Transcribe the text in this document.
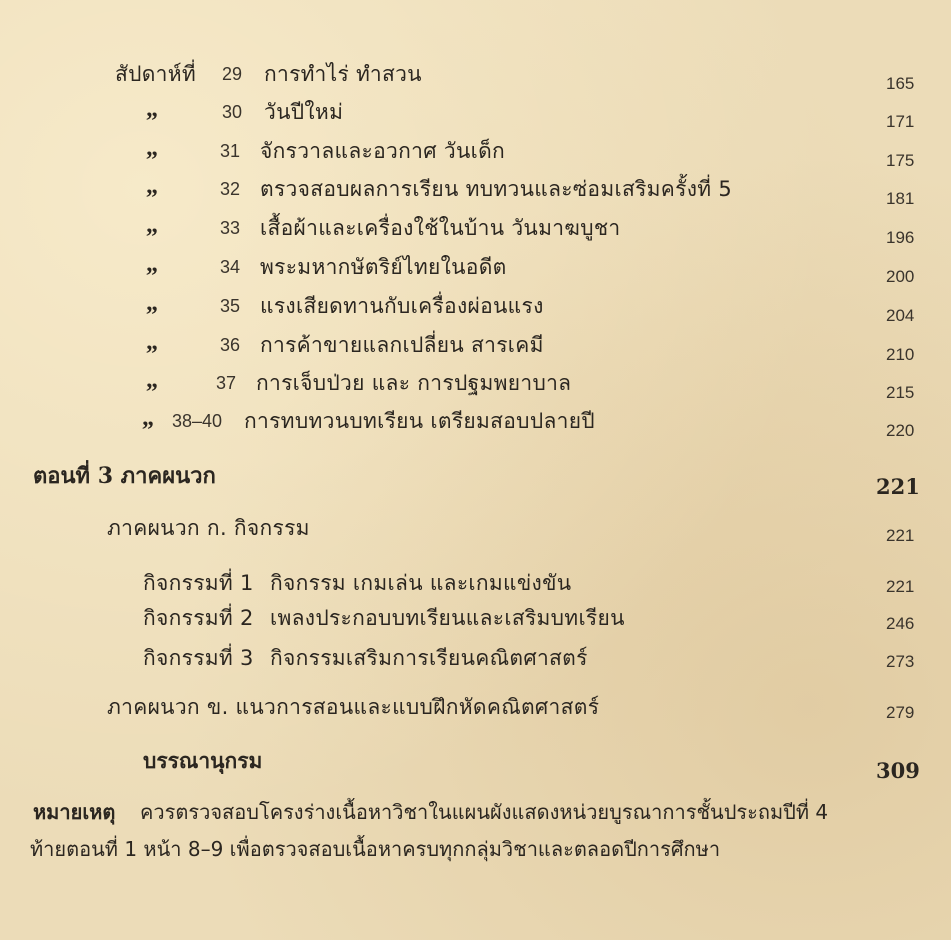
สัปดาห์ที่ 29 การทำไร่ ทำสวน	165
„	30 วันปีใหม่	171
„	31 จักรวาลและอวกาศ วันเด็ก	175
„	32 ตรวจสอบผลการเรียน ทบทวนและซ่อมเสริมครั้งที่ 5	181
„	33 เสื้อผ้าและเครื่องใช้ในบ้าน วันมาฆบูชา	196
„	34 พระมหากษัตริย์ไทยในอดีต	200
„	35 แรงเสียดทานกับเครื่องผ่อนแรง	204
„	36 การค้าขายแลกเปลี่ยน สารเคมี	210
„	37 การเจ็บป่วย และ การปฐมพยาบาล	215
„ 38–40 การทบทวนบทเรียน เตรียมสอบปลายปี	220
ตอนที่ 3 ภาคผนวก	221
ภาคผนวก ก. กิจกรรม	221
กิจกรรมที่ 1 กิจกรรม เกมเล่น และเกมแข่งขัน	221
กิจกรรมที่ 2 เพลงประกอบบทเรียนและเสริมบทเรียน	246
กิจกรรมที่ 3 กิจกรรมเสริมการเรียนคณิตศาสตร์	273
ภาคผนวก ข. แนวการสอนและแบบฝึกหัดคณิตศาสตร์	279
บรรณานุกรม	309
หมายเหตุ ควรตรวจสอบโครงร่างเนื้อหาวิชาในแผนผังแสดงหน่วยบูรณาการชั้นประถมปีที่ 4
ท้ายตอนที่ 1 หน้า 8–9 เพื่อตรวจสอบเนื้อหาครบทุกกลุ่มวิชาและตลอดปีการศึกษา
